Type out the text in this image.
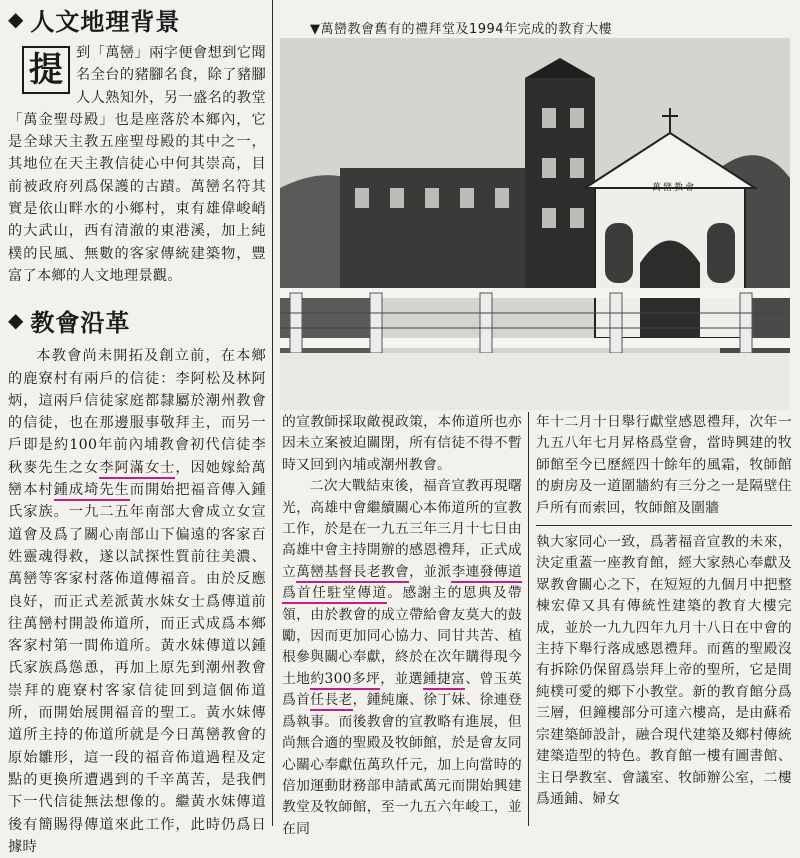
◆ 人文地理背景
提 到「萬巒」兩字便會想到它聞名全台的豬腳名食，除了豬腳人人熟知外，另一盛名的教堂「萬金聖母殿」也是座落於本鄉內，它是全球天主教五座聖母殿的其中之一，其地位在天主教信徒心中何其崇高，目前被政府列爲保護的古蹟。萬巒名符其實是依山畔水的小鄉村，東有雄偉峻峭的大武山，西有清澈的東港溪，加上純樸的民風、無數的客家傳統建築物，豐富了本鄉的人文地理景觀。

◆ 教會沿革

本教會尚未開拓及創立前，在本鄉的鹿寮村有兩戶的信徒：李阿松及林阿炳，這兩戶信徒家庭都隸屬於潮州教會的信徒，也在那邊服事敬拜主，而另一戶即是約100年前內埔教會初代信徒李秋麥先生之女李阿滿女士，因她嫁給萬巒本村鍾成埼先生而開始把福音傳入鍾氏家族。一九二五年南部大會成立女宣道會及爲了關心南部山下偏遠的客家百姓靈魂得救，遂以試探性質前往美濃、萬巒等客家村落佈道傳福音。由於反應良好，而正式差派黃水妹女士爲傳道前往萬巒村開設佈道所，而正式成爲本鄉客家村第一間佈道所。黃水妹傳道以鍾氏家族爲慫恿，再加上原先到潮州教會崇拜的鹿寮村客家信徒回到這個佈道所，而開始展開福音的聖工。黃水妹傳道所主持的佈道所就是今日萬巒教會的原始雛形，這一段的福音佈道過程及定點的更換所遭遇到的千辛萬苦，是我們下一代信徒無法想像的。繼黃水妹傳道後有簡賜得傳道來此工作，此時仍爲日據時

▼萬巒教會舊有的禮拜堂及1994年完成的教育大樓
萬巒教會

的宣教師採取敵視政策，本佈道所也亦因未立案被迫關閉，所有信徒不得不暫時又回到內埔或潮州教會。

二次大戰結束後，福音宣教再現曙光，高雄中會繼續關心本佈道所的宣教工作，於是在一九五三年三月十七日由高雄中會主持開辦的感恩禮拜，正式成立萬巒基督長老教會，並派李連發傳道爲首任駐堂傳道。感謝主的恩典及帶領，由於教會的成立帶給會友莫大的鼓勵，因而更加同心協力、同甘共苦、植根參與關心奉獻，終於在次年購得現今土地約300多坪，並選鍾捷富、曾玉英爲首任長老，鍾純廉、徐丁妹、徐連登爲執事。而後教會的宣教略有進展，但尚無合適的聖殿及牧師館，於是會友同心關心奉獻伍萬玖仟元，加上向當時的倍加運動財務部申請貳萬元而開始興建教堂及牧師館，至一九五六年峻工，並在同

年十二月十日舉行獻堂感恩禮拜，次年一九五八年七月昇格爲堂會，當時興建的牧師館至今已歷經四十餘年的風霜，牧師館的廚房及一道圍牆約有三分之一是隔壁住戶所有而索回，牧師館及圍牆

執大家同心一致，爲著福音宣教的未來，決定重蓋一座教育館，經大家熱心奉獻及眾教會關心之下，在短短的九個月中把整棟宏偉又具有傳統性建築的教育大樓完成，並於一九九四年九月十八日在中會的主持下舉行落成感恩禮拜。而舊的聖殿沒有拆除仍保留爲崇拜上帝的聖所，它是間純樸可愛的鄉下小教堂。新的教育館分爲三層，但鐘樓部分可達六樓高，是由蘇希宗建築師設計，融合現代建築及鄉村傳統建築造型的特色。教育館一樓有圖書館、主日學教室、會議室、牧師辦公室，二樓爲通鋪、婦女
